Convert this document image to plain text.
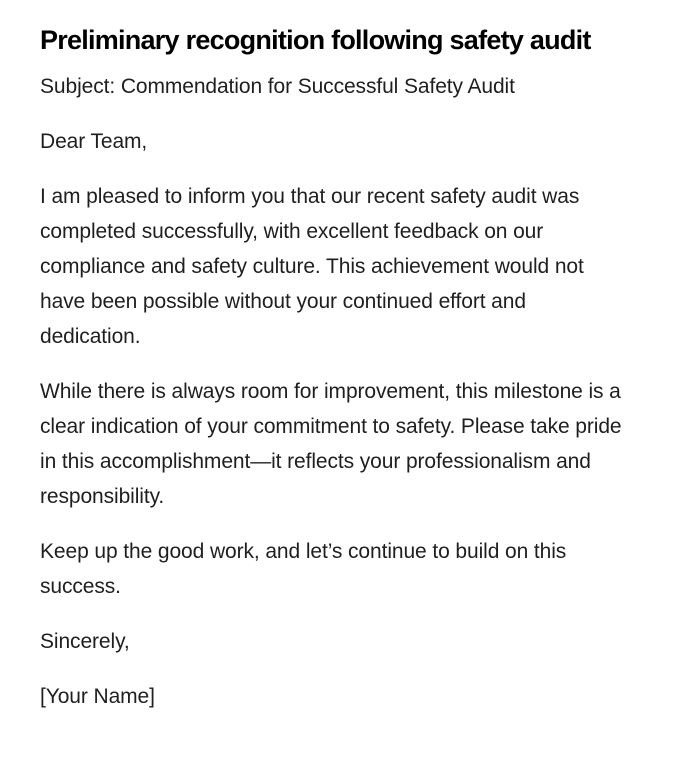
Preliminary recognition following safety audit

Subject: Commendation for Successful Safety Audit

Dear Team,

I am pleased to inform you that our recent safety audit was completed successfully, with excellent feedback on our compliance and safety culture. This achievement would not have been possible without your continued effort and dedication.

While there is always room for improvement, this milestone is a clear indication of your commitment to safety. Please take pride in this accomplishment—it reflects your professionalism and responsibility.

Keep up the good work, and let’s continue to build on this success.

Sincerely,

[Your Name]
